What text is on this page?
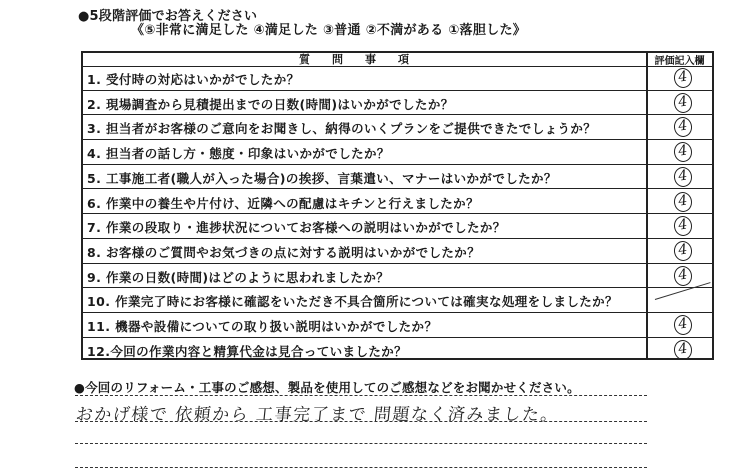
●5段階評価でお答えください
《⑤非常に満足した ④満足した ③普通 ②不満がある ①落胆した》
質問事項	評価記入欄
1. 受付時の対応はいかがでしたか？	4
2. 現場調査から見積提出までの日数(時間)はいかがでしたか？	4
3. 担当者がお客様のご意向をお聞きし、納得のいくプランをご提供できたでしょうか？	4
4. 担当者の話し方・態度・印象はいかがでしたか？	4
5. 工事施工者(職人が入った場合)の挨拶、言葉遣い、マナーはいかがでしたか？	4
6. 作業中の養生や片付け、近隣への配慮はキチンと行えましたか？	4
7. 作業の段取り・進捗状況についてお客様への説明はいかがでしたか？	4
8. お客様のご質問やお気づきの点に対する説明はいかがでしたか？	4
9. 作業の日数(時間)はどのように思われましたか？	4
10. 作業完了時にお客様に確認をいただき不具合箇所については確実な処理をしましたか？
11. 機器や設備についての取り扱い説明はいかがでしたか？	4
12.今回の作業内容と精算代金は見合っていましたか？	4
●今回のリフォーム・工事のご感想、製品を使用してのご感想などをお聞かせください。
おかげ様で 依頼から 工事完了まで 問題なく済みました。
